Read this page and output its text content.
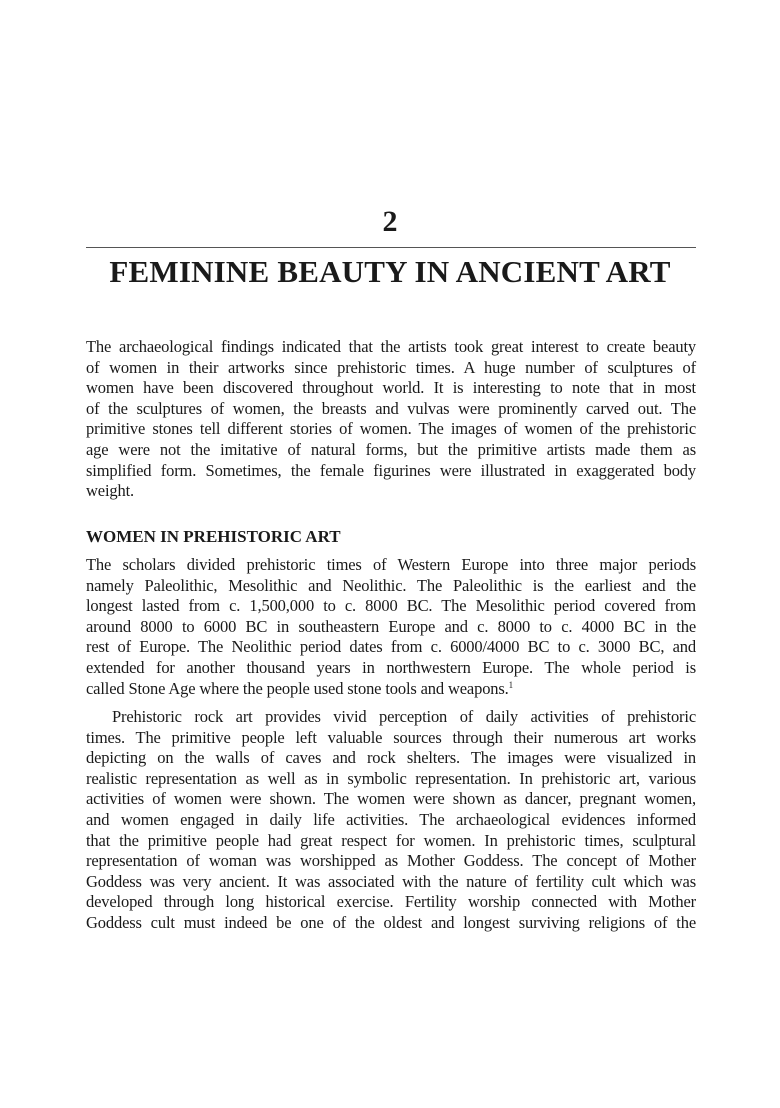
2
FEMININE BEAUTY IN ANCIENT ART
The archaeological findings indicated that the artists took great interest to create beauty
of women in their artworks since prehistoric times. A huge number of sculptures of
women have been discovered throughout world. It is interesting to note that in most
of the sculptures of women, the breasts and vulvas were prominently carved out. The
primitive stones tell different stories of women. The images of women of the prehistoric
age were not the imitative of natural forms, but the primitive artists made them as
simplified form. Sometimes, the female figurines were illustrated in exaggerated body
weight.
WOMEN IN PREHISTORIC ART
The scholars divided prehistoric times of Western Europe into three major periods
namely Paleolithic, Mesolithic and Neolithic. The Paleolithic is the earliest and the
longest lasted from c. 1,500,000 to c. 8000 BC. The Mesolithic period covered from
around 8000 to 6000 BC in southeastern Europe and c. 8000 to c. 4000 BC in the
rest of Europe. The Neolithic period dates from c. 6000/4000 BC to c. 3000 BC, and
extended for another thousand years in northwestern Europe. The whole period is
called Stone Age where the people used stone tools and weapons.$^1$
Prehistoric rock art provides vivid perception of daily activities of prehistoric
times. The primitive people left valuable sources through their numerous art works
depicting on the walls of caves and rock shelters. The images were visualized in
realistic representation as well as in symbolic representation. In prehistoric art, various
activities of women were shown. The women were shown as dancer, pregnant women,
and women engaged in daily life activities. The archaeological evidences informed
that the primitive people had great respect for women. In prehistoric times, sculptural
representation of woman was worshipped as Mother Goddess. The concept of Mother
Goddess was very ancient. It was associated with the nature of fertility cult which was
developed through long historical exercise. Fertility worship connected with Mother
Goddess cult must indeed be one of the oldest and longest surviving religions of the
